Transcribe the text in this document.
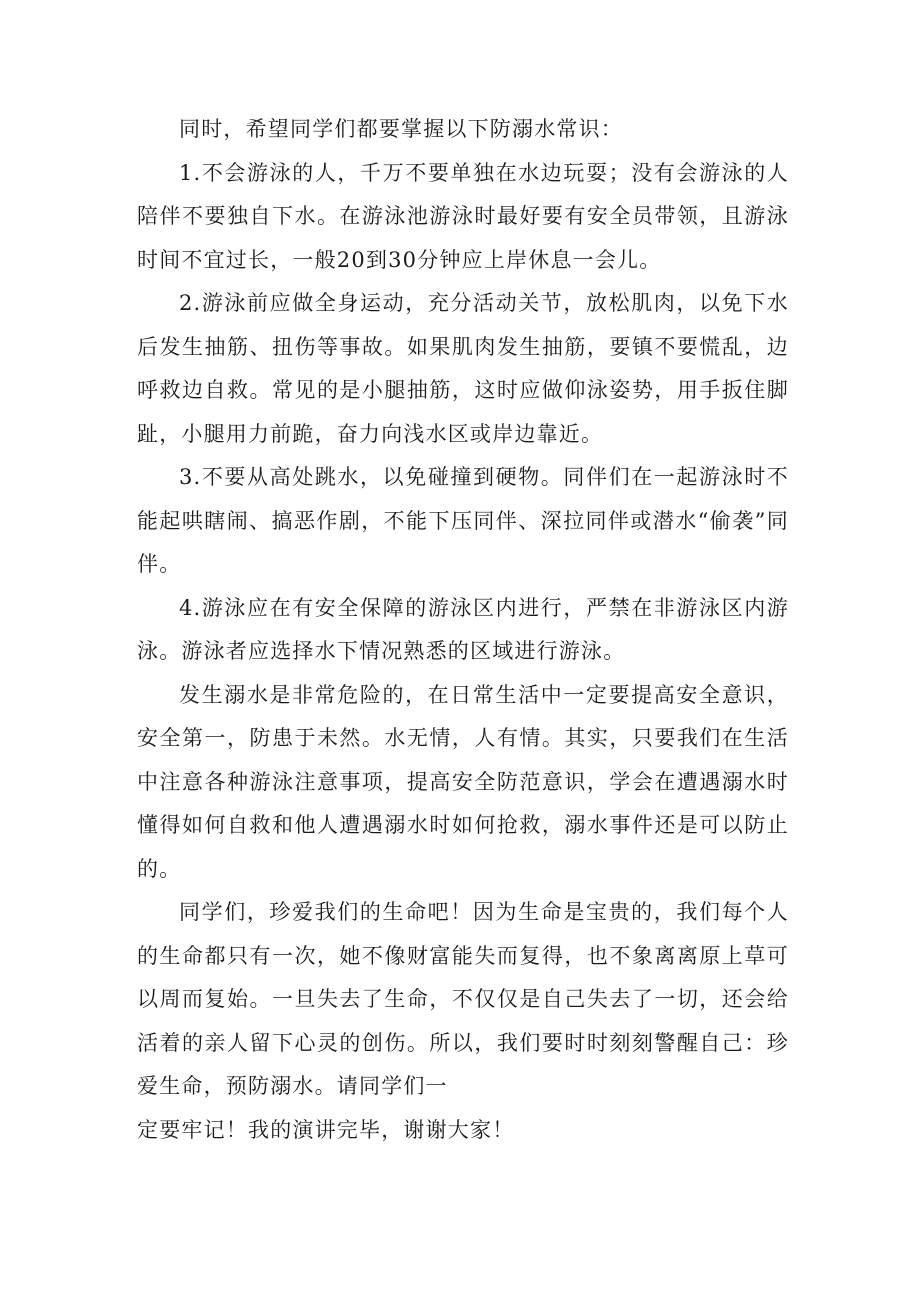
同时，希望同学们都要掌握以下防溺水常识：

1.不会游泳的人，千万不要单独在水边玩耍；没有会游泳的人陪伴不要独自下水。在游泳池游泳时最好要有安全员带领，且游泳时间不宜过长，一般20到30分钟应上岸休息一会儿。

2.游泳前应做全身运动，充分活动关节，放松肌肉，以免下水后发生抽筋、扭伤等事故。如果肌肉发生抽筋，要镇不要慌乱，边呼救边自救。常见的是小腿抽筋，这时应做仰泳姿势，用手扳住脚趾，小腿用力前跪，奋力向浅水区或岸边靠近。

3.不要从高处跳水，以免碰撞到硬物。同伴们在一起游泳时不能起哄瞎闹、搞恶作剧，不能下压同伴、深拉同伴或潜水“偷袭”同伴。

4.游泳应在有安全保障的游泳区内进行，严禁在非游泳区内游泳。游泳者应选择水下情况熟悉的区域进行游泳。

发生溺水是非常危险的，在日常生活中一定要提高安全意识，安全第一，防患于未然。水无情，人有情。其实，只要我们在生活中注意各种游泳注意事项，提高安全防范意识，学会在遭遇溺水时懂得如何自救和他人遭遇溺水时如何抢救，溺水事件还是可以防止的。

同学们，珍爱我们的生命吧！因为生命是宝贵的，我们每个人的生命都只有一次，她不像财富能失而复得，也不象离离原上草可以周而复始。一旦失去了生命，不仅仅是自己失去了一切，还会给活着的亲人留下心灵的创伤。所以，我们要时时刻刻警醒自己：珍爱生命，预防溺水。请同学们一

定要牢记！我的演讲完毕，谢谢大家！
